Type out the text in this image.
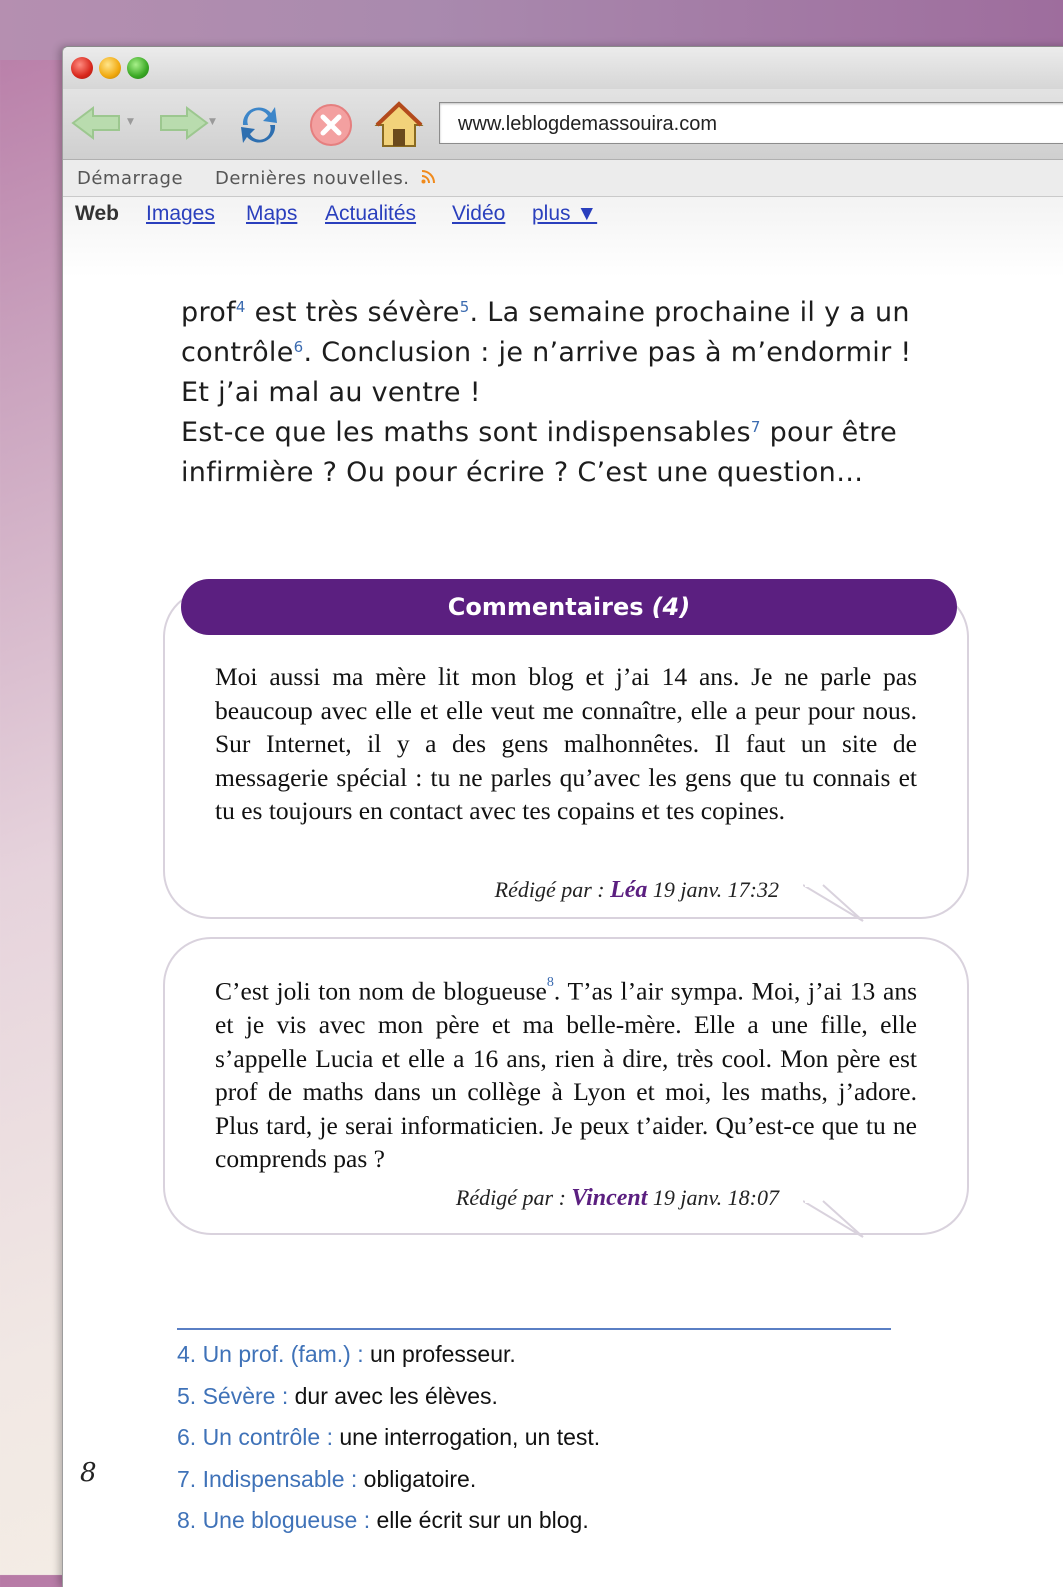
▼	▼	www.leblogdemassouira.com
Démarrage Dernières nouvelles.
Web Images Maps Actualités Vidéo plus ▼
prof$^4$ est très sévère$^5$. La semaine prochaine il y a un
contrôle$^6$. Conclusion : je n’arrive pas à m’endormir !
Et j’ai mal au ventre !
Est-ce que les maths sont indispensables$^7$ pour être
infirmière ? Ou pour écrire ? C’est une question…
Commentaires (4)
Moi aussi ma mère lit mon blog et j’ai 14 ans. Je ne parle pas beaucoup avec elle et elle veut me connaître, elle a peur pour nous. Sur Internet, il y a des gens malhonnêtes. Il faut un site de messagerie spécial : tu ne parles qu’avec les gens que tu connais et tu es toujours en contact avec tes copains et tes copines.
Rédigé par : Léa 19 janv. 17:32
C’est joli ton nom de blogueuse$^8$. T’as l’air sympa. Moi, j’ai 13 ans et je vis avec mon père et ma belle-mère. Elle a une fille, elle s’appelle Lucia et elle a 16 ans, rien à dire, très cool. Mon père est prof de maths dans un collège à Lyon et moi, les maths, j’adore. Plus tard, je serai informaticien. Je peux t’aider. Qu’est-ce que tu ne comprends pas ?
Rédigé par : Vincent 19 janv. 18:07
4. Un prof. (fam.) : un professeur.
5. Sévère : dur avec les élèves.
6. Un contrôle : une interrogation, un test.
7. Indispensable : obligatoire.
8. Une blogueuse : elle écrit sur un blog.
8
